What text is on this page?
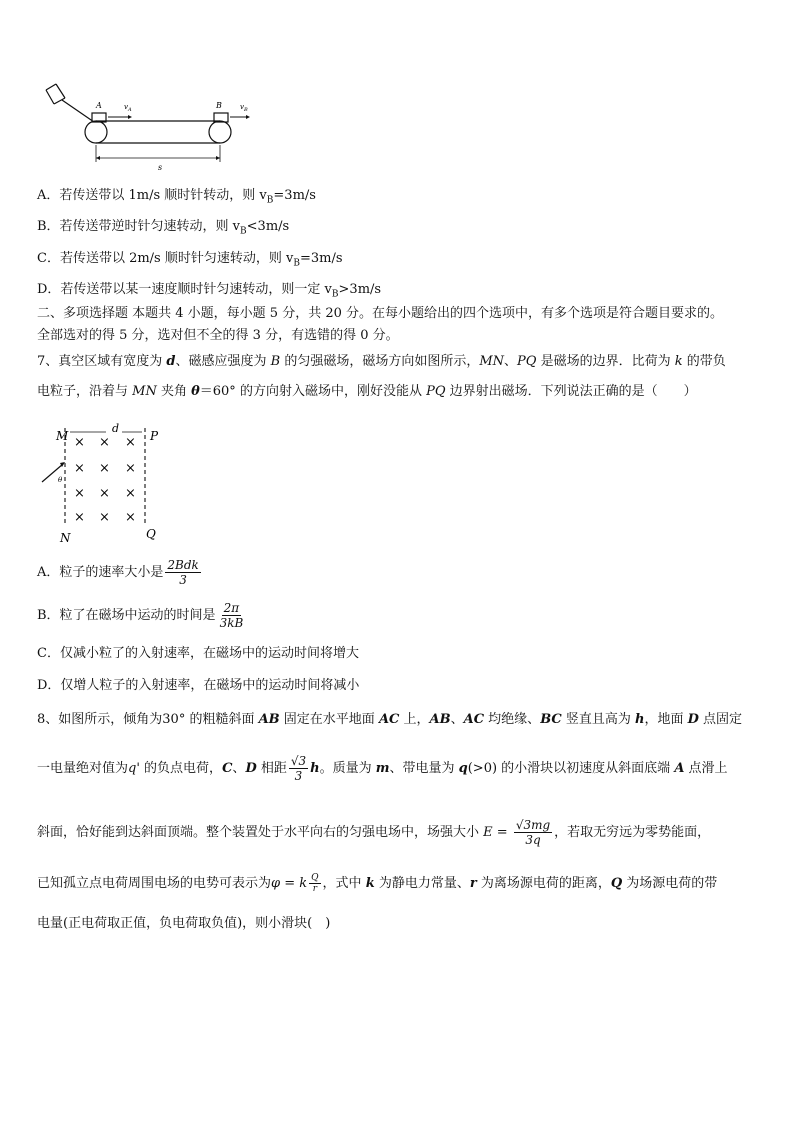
A	B
$v_A$	$v_B$
s
A．若传送带以 1m/s 顺时针转动，则 $v_B=3m/s$
B．若传送带逆时针匀速转动，则 $v_B<3m/s$
C．若传送带以 2m/s 顺时针匀速转动，则 $v_B=3m/s$
D．若传送带以某一速度顺时针匀速转动，则一定 $v_B>3m/s$
二、多项选择题 本题共 4 小题，每小题 5 分，共 20 分。在每小题给出的四个选项中，有多个选项是符合题目要求的。
全部选对的得 5 分，选对但不全的得 3 分，有选错的得 0 分。
7、真空区域有宽度为 d、磁感应强度为 B 的匀强磁场，磁场方向如图所示，MN、PQ 是磁场的边界．比荷为 k 的带负
电粒子，沿着与 MN 夹角 θ＝60° 的方向射入磁场中，刚好没能从 PQ 边界射出磁场．下列说法正确的是（　　）
M	P
d
N	Q
× × ×
× × ×
× × ×
× × ×
θ
A．粒子的速率大小是 $\frac{\text{2Bdk}}{3}$
B．粒了在磁场中运动的时间是 $\frac{2\pi}{3kB}$
C．仅减小粒了的入射速率，在磁场中的运动时间将增大
D．仅增人粒子的入射速率，在磁场中的运动时间将减小
8、如图所示，倾角为30° 的粗糙斜面 AB 固定在水平地面 AC 上，AB、AC 均绝缘、BC 竖直且高为 h，地面 D 点固定
一电量绝对值为q' 的负点电荷，C、D 相距 $\frac{√3}{3}$ h。质量为 m、带电量为 q(>0) 的小滑块以初速度从斜面底端 A 点滑上
斜面，恰好能到达斜面顶端。整个装置处于水平向右的匀强电场中，场强大小 $E = \frac{√3mg}{3q}$ ，若取无穷远为零势能面，
已知孤立点电荷周围电场的电势可表示为φ = k $\frac{Q}{r}$ ，式中 k 为静电力常量、r 为离场源电荷的距离，Q 为场源电荷的带
电量(正电荷取正值，负电荷取负值)，则小滑块(　)
